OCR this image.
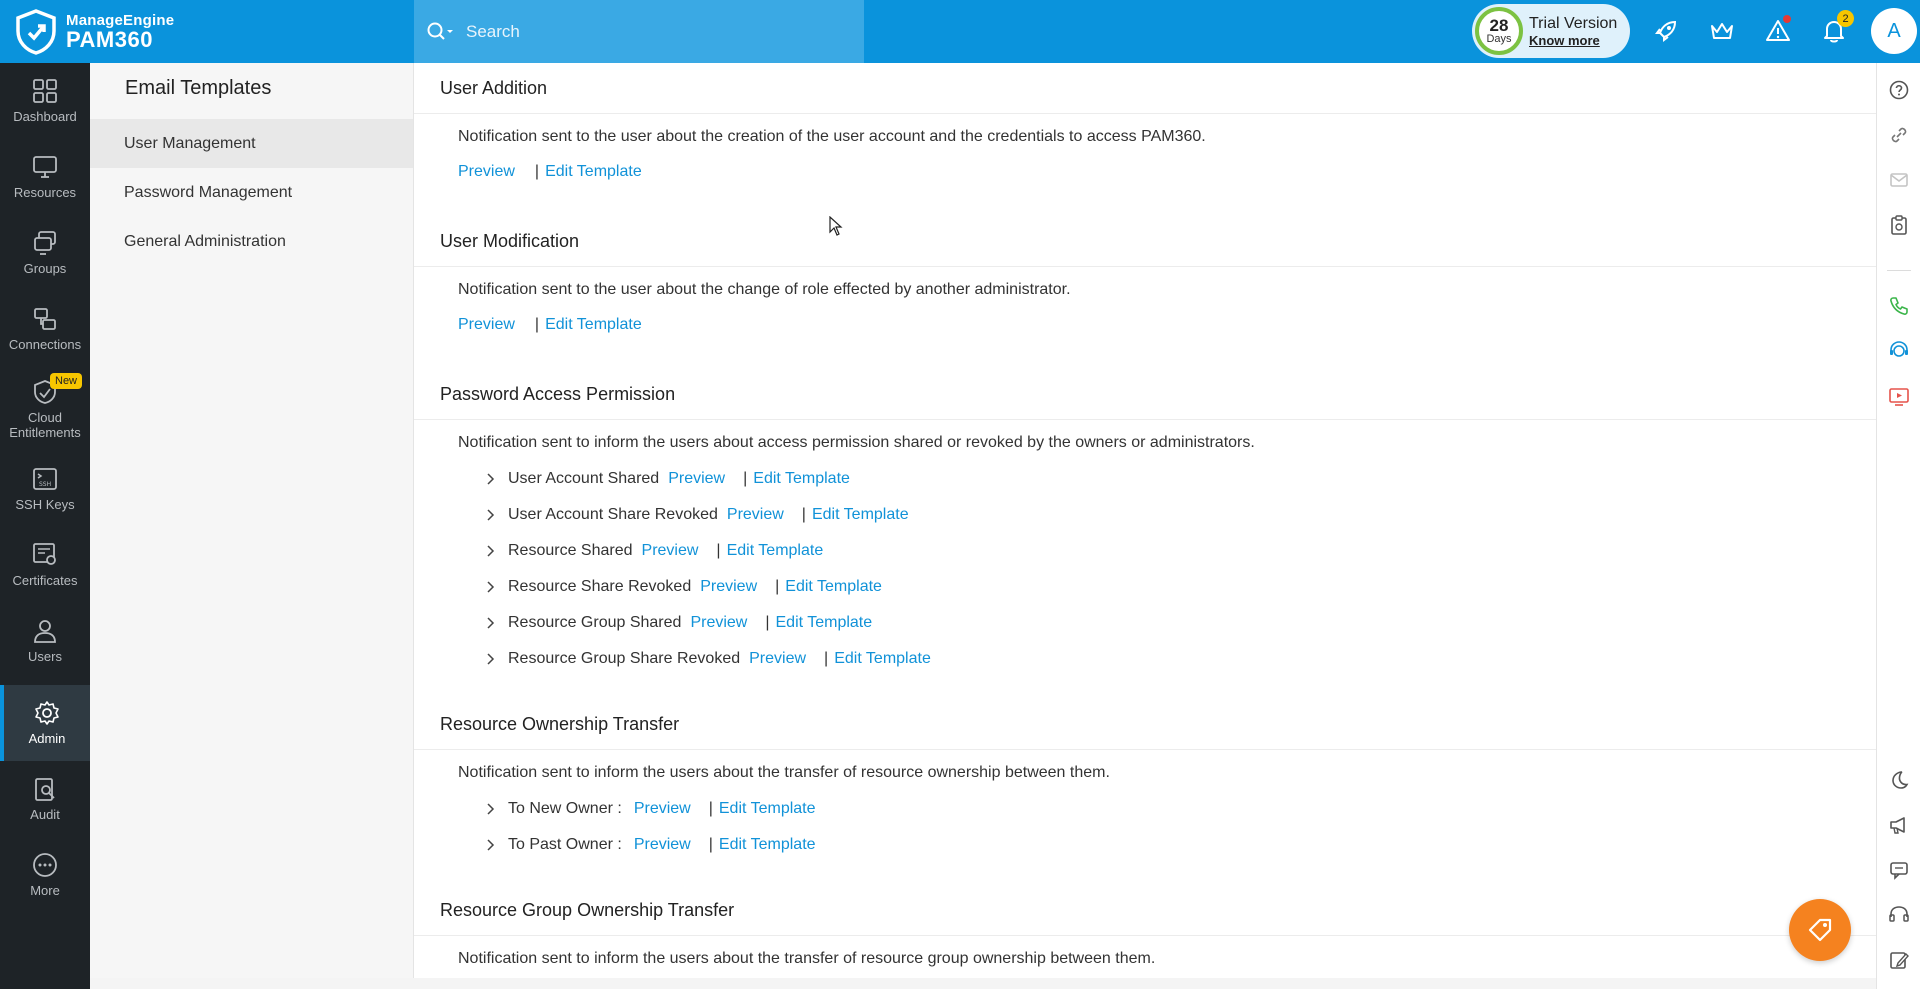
ManageEngine
PAM360
Search
28
Days
Trial Version
Know more
2
A
Dashboard
Resources
Groups
Connections
New
Cloud Entitlements
SSH
SSH Keys
Certificates
Users
Admin
Audit
More
Email Templates
User Management
Password Management
General Administration
User Addition
Notification sent to the user about the creation of the user account and the credentials to access PAM360.
Preview | Edit Template
User Modification
Notification sent to the user about the change of role effected by another administrator.
Preview | Edit Template
Password Access Permission
Notification sent to inform the users about access permission shared or revoked by the owners or administrators.
User Account Shared Preview | Edit Template
User Account Share Revoked Preview | Edit Template
Resource Shared Preview | Edit Template
Resource Share Revoked Preview | Edit Template
Resource Group Shared Preview | Edit Template
Resource Group Share Revoked Preview | Edit Template
Resource Ownership Transfer
Notification sent to inform the users about the transfer of resource ownership between them.
To New Owner : Preview | Edit Template
To Past Owner : Preview | Edit Template
Resource Group Ownership Transfer
Notification sent to inform the users about the transfer of resource group ownership between them.
